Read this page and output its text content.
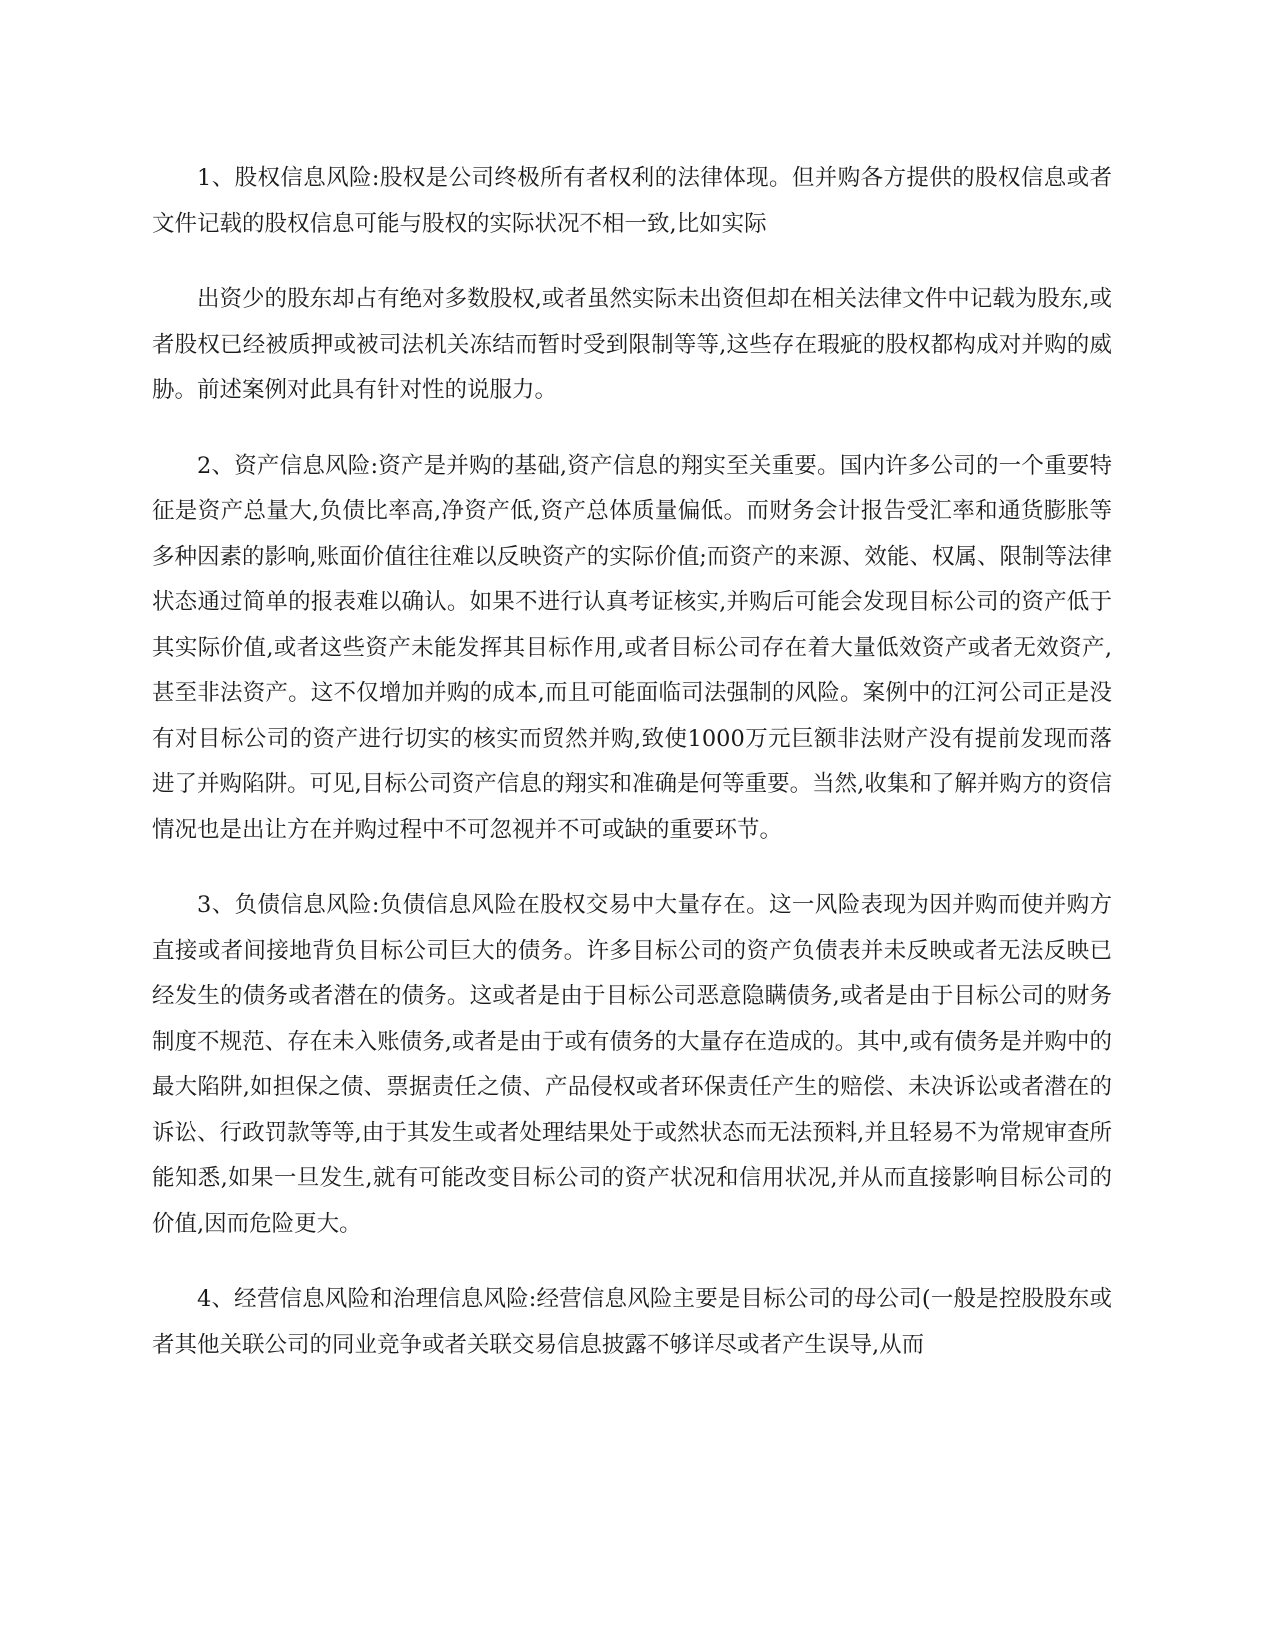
1、股权信息风险:股权是公司终极所有者权利的法律体现。但并购各方提供的股权信息或者文件记载的股权信息可能与股权的实际状况不相一致,比如实际

出资少的股东却占有绝对多数股权,或者虽然实际未出资但却在相关法律文件中记载为股东,或者股权已经被质押或被司法机关冻结而暂时受到限制等等,这些存在瑕疵的股权都构成对并购的威胁。前述案例对此具有针对性的说服力。

2、资产信息风险:资产是并购的基础,资产信息的翔实至关重要。国内许多公司的一个重要特征是资产总量大,负债比率高,净资产低,资产总体质量偏低。而财务会计报告受汇率和通货膨胀等多种因素的影响,账面价值往往难以反映资产的实际价值;而资产的来源、效能、权属、限制等法律状态通过简单的报表难以确认。如果不进行认真考证核实,并购后可能会发现目标公司的资产低于其实际价值,或者这些资产未能发挥其目标作用,或者目标公司存在着大量低效资产或者无效资产,甚至非法资产。这不仅增加并购的成本,而且可能面临司法强制的风险。案例中的江河公司正是没有对目标公司的资产进行切实的核实而贸然并购,致使1000万元巨额非法财产没有提前发现而落进了并购陷阱。可见,目标公司资产信息的翔实和准确是何等重要。当然,收集和了解并购方的资信情况也是出让方在并购过程中不可忽视并不可或缺的重要环节。

3、负债信息风险:负债信息风险在股权交易中大量存在。这一风险表现为因并购而使并购方直接或者间接地背负目标公司巨大的债务。许多目标公司的资产负债表并未反映或者无法反映已经发生的债务或者潜在的债务。这或者是由于目标公司恶意隐瞒债务,或者是由于目标公司的财务制度不规范、存在未入账债务,或者是由于或有债务的大量存在造成的。其中,或有债务是并购中的最大陷阱,如担保之债、票据责任之债、产品侵权或者环保责任产生的赔偿、未决诉讼或者潜在的诉讼、行政罚款等等,由于其发生或者处理结果处于或然状态而无法预料,并且轻易不为常规审查所能知悉,如果一旦发生,就有可能改变目标公司的资产状况和信用状况,并从而直接影响目标公司的价值,因而危险更大。

4、经营信息风险和治理信息风险:经营信息风险主要是目标公司的母公司(一般是控股股东或者其他关联公司的同业竞争或者关联交易信息披露不够详尽或者产生误导,从而
